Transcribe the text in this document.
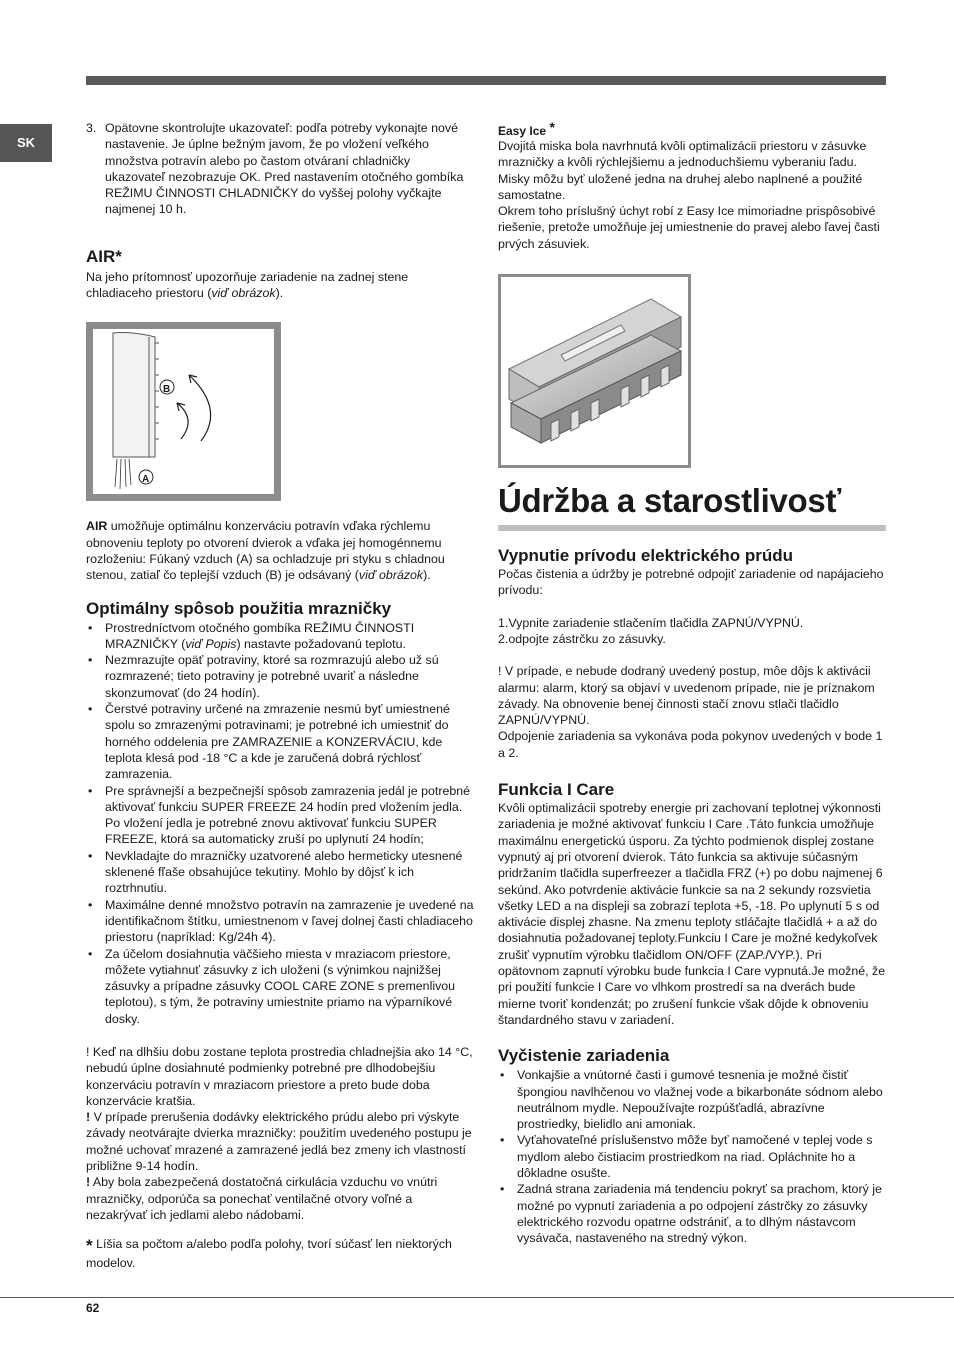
SK
3. Opätovne skontrolujte ukazovateľ: podľa potreby vykonajte nové nastavenie. Je úplne bežným javom, že po vložení veľkého množstva potravín alebo po častom otváraní chladničky ukazovateľ nezobrazuje OK. Pred nastavením otočného gombíka REŽIMU ČINNOSTI CHLADNIČKY do vyššej polohy vyčkajte najmenej 10 h.
AIR*

Na jeho prítomnosť upozorňuje zariadenie na zadnej stene chladiaceho priestoru (viď obrázok).

B
A

AIR umožňuje optimálnu konzerváciu potravín vďaka rýchlemu obnoveniu teploty po otvorení dvierok a vďaka jej homogénnemu rozloženiu: Fúkaný vzduch (A) sa ochladzuje pri styku s chladnou stenou, zatiaľ čo teplejší vzduch (B) je odsávaný (viď obrázok).

Optimálny spôsob použitia mrazničky
• Prostredníctvom otočného gombíka REŽIMU ČINNOSTI MRAZNIČKY (viď Popis) nastavte požadovanú teplotu.
• Nezmrazujte opäť potraviny, ktoré sa rozmrazujú alebo už sú rozmrazené; tieto potraviny je potrebné uvariť a následne skonzumovať (do 24 hodín).
• Čerstvé potraviny určené na zmrazenie nesmú byť umiestnené spolu so zmrazenými potravinami; je potrebné ich umiestniť do horného oddelenia pre ZAMRAZENIE a KONZERVÁCIU, kde teplota klesá pod -18 °C a kde je zaručená dobrá rýchlosť zamrazenia.
• Pre správnejší a bezpečnejší spôsob zamrazenia jedál je potrebné aktivovať funkciu SUPER FREEZE 24 hodín pred vložením jedla. Po vložení jedla je potrebné znovu aktivovať funkciu SUPER FREEZE, ktorá sa automaticky zruší po uplynutí 24 hodín;
• Nevkladajte do mrazničky uzatvorené alebo hermeticky utesnené sklenené fľaše obsahujúce tekutiny. Mohlo by dôjsť k ich roztrhnutiu.
• Maximálne denné množstvo potravín na zamrazenie je uvedené na identifikačnom štítku, umiestnenom v ľavej dolnej časti chladiaceho priestoru (napríklad: Kg/24h 4).
• Za účelom dosiahnutia väčšieho miesta v mraziacom priestore, môžete vytiahnuť zásuvky z ich uloženi (s výnimkou najnižšej zásuvky a prípadne zásuvky COOL CARE ZONE s premenlivou teplotou), s tým, že potraviny umiestnite priamo na výparníkové dosky.

! Keď na dlhšiu dobu zostane teplota prostredia chladnejšia ako 14 °C, nebudú úplne dosiahnuté podmienky potrebné pre dlhodobejšiu konzerváciu potravín v mraziacom priestore a preto bude doba konzervácie kratšia.

! V prípade prerušenia dodávky elektrického prúdu alebo pri výskyte závady neotvárajte dvierka mrazničky: použitím uvedeného postupu je možné uchovať mrazené a zamrazené jedlá bez zmeny ich vlastností približne 9-14 hodín.

! Aby bola zabezpečená dostatočná cirkulácia vzduchu vo vnútri mrazničky, odporúča sa ponechať ventilačné otvory voľné a nezakrývať ich jedlami alebo nádobami.

* Líšia sa počtom a/alebo podľa polohy, tvorí súčasť len niektorých modelov.

Easy Ice *

Dvojitá miska bola navrhnutá kvôli optimalizácii priestoru v zásuvke mrazničky a kvôli rýchlejšiemu a jednoduchšiemu vyberaniu ľadu. Misky môžu byť uložené jedna na druhej alebo naplnené a použité samostatne.

Okrem toho príslušný úchyt robí z Easy Ice mimoriadne prispôsobivé riešenie, pretože umožňuje jej umiestnenie do pravej alebo ľavej časti prvých zásuviek.

Údržba a starostlivosť
Vypnutie prívodu elektrického prúdu

Počas čistenia a údržby je potrebné odpojiť zariadenie od napájacieho prívodu:

1.Vypnite zariadenie stlačením tlačidla ZAPNÚ/VYPNÚ.

2.odpojte zástrčku zo zásuvky.

! V prípade, e nebude dodraný uvedený postup, môe dôjs k aktivácii alarmu: alarm, ktorý sa objaví v uvedenom prípade, nie je príznakom závady. Na obnovenie benej činnosti stačí znovu stlači tlačidlo ZAPNÚ/VYPNÚ.

Odpojenie zariadenia sa vykonáva poda pokynov uvedených v bode 1 a 2.

Funkcia I Care

Kvôli optimalizácii spotreby energie pri zachovaní teplotnej výkonnosti zariadenia je možné aktivovať funkciu I Care .Táto funkcia umožňuje maximálnu energetickú úsporu. Za týchto podmienok displej zostane vypnutý aj pri otvorení dvierok. Táto funkcia sa aktivuje súčasným pridržaním tlačidla superfreezer a tlačidla FRZ (+) po dobu najmenej 6 sekúnd. Ako potvrdenie aktivácie funkcie sa na 2 sekundy rozsvietia všetky LED a na displeji sa zobrazí teplota +5, -18. Po uplynutí 5 s od aktivácie displej zhasne. Na zmenu teploty stláčajte tlačidlá + a až do dosiahnutia požadovanej teploty.Funkciu I Care je možné kedykoľvek zrušiť vypnutím výrobku tlačidlom ON/OFF (ZAP./VYP.). Pri opätovnom zapnutí výrobku bude funkcia I Care vypnutá.Je možné, že pri použití funkcie I Care vo vlhkom prostredí sa na dverách bude mierne tvoriť kondenzát; po zrušení funkcie však dôjde k obnoveniu štandardného stavu v zariadení.

Vyčistenie zariadenia
• Vonkajšie a vnútorné časti i gumové tesnenia je možné čistiť špongiou navlhčenou vo vlažnej vode a bikarbonáte sódnom alebo neutrálnom mydle. Nepoužívajte rozpúšťadlá, abrazívne prostriedky, bielidlo ani amoniak.
• Vyťahovateľné príslušenstvo môže byť namočené v teplej vode s mydlom alebo čistiacim prostriedkom na riad. Opláchnite ho a dôkladne osušte.
• Zadná strana zariadenia má tendenciu pokryť sa prachom, ktorý je možné po vypnutí zariadenia a po odpojení zástrčky zo zásuvky elektrického rozvodu opatrne odstrániť, a to dlhým nástavcom vysávača, nastaveného na stredný výkon.
62
